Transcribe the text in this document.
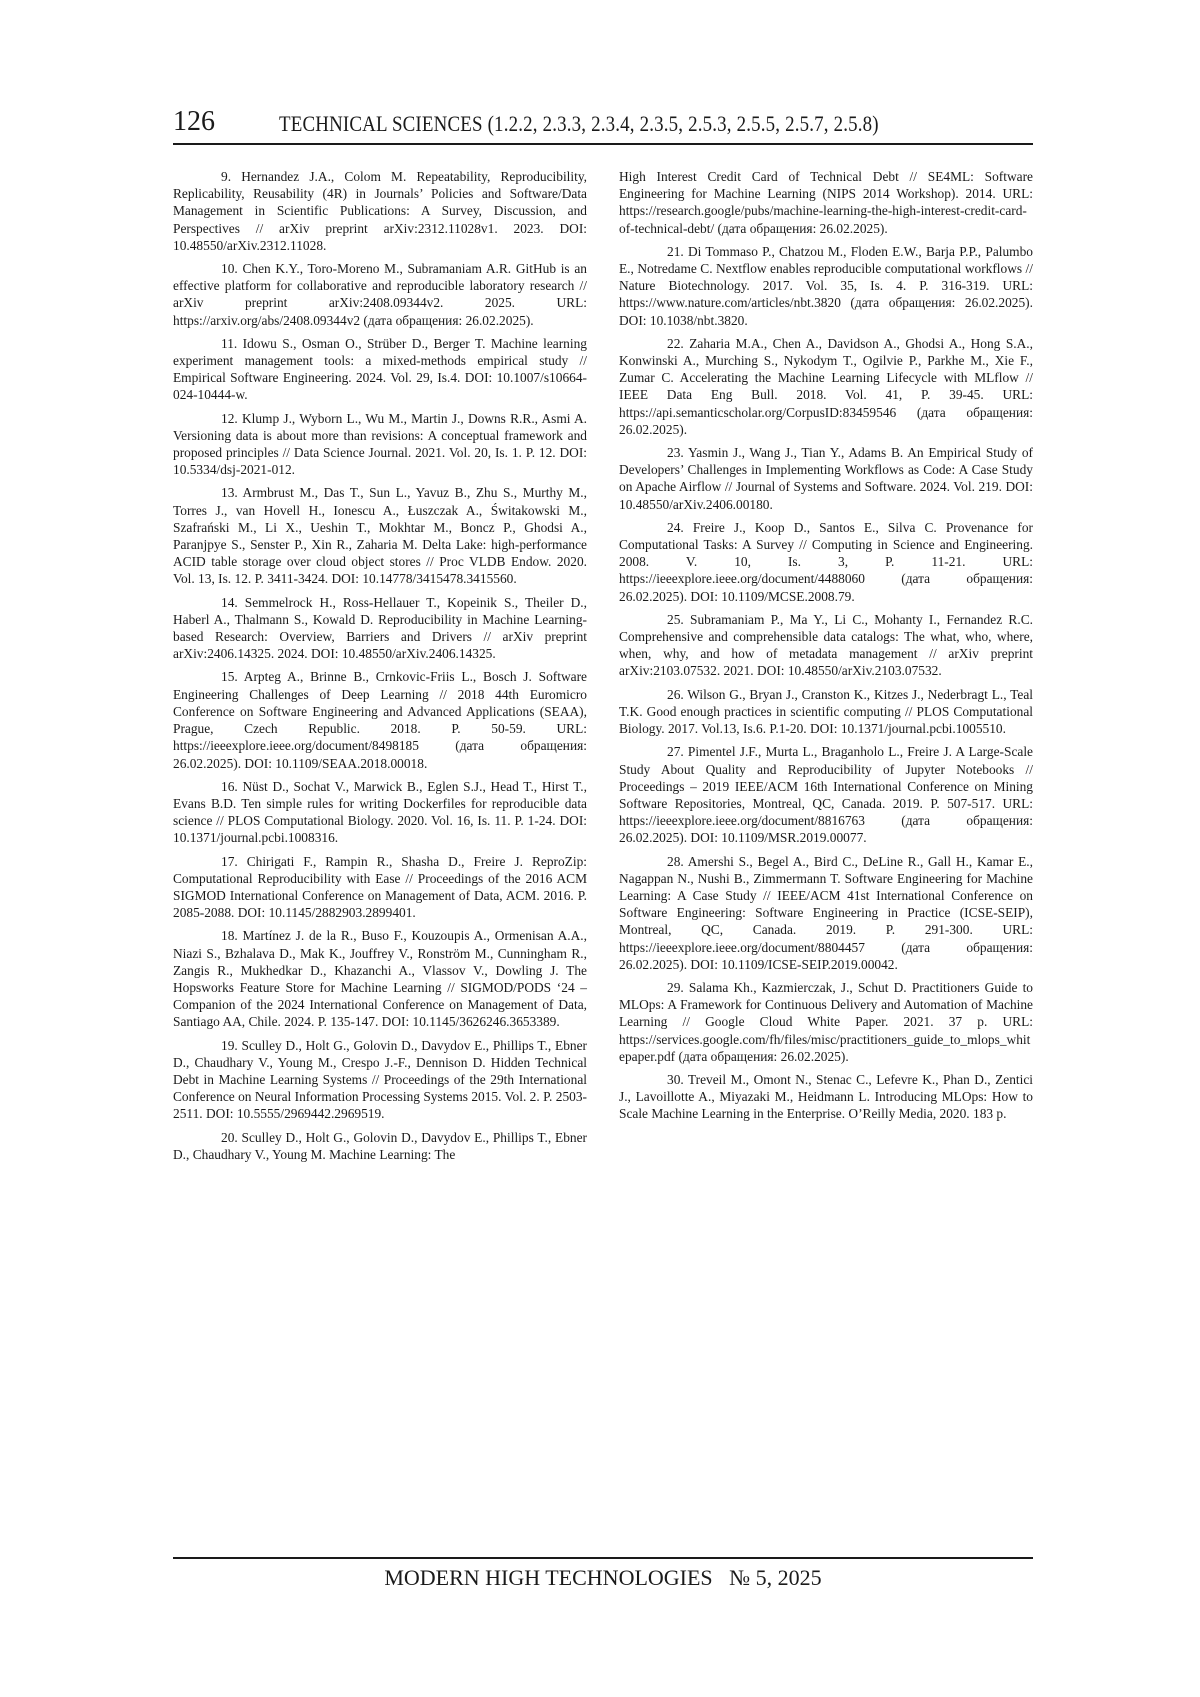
126	TECHNICAL SCIENCES (1.2.2, 2.3.3, 2.3.4, 2.3.5, 2.5.3, 2.5.5, 2.5.7, 2.5.8)

9. Hernandez J.A., Colom M. Repeatability, Reproducibility, Replicability, Reusability (4R) in Journals’ Policies and Software/Data Management in Scientific Publications: A Survey, Discussion, and Perspectives // arXiv preprint arXiv:2312.11028v1. 2023. DOI: 10.48550/arXiv.2312.11028.

10. Chen K.Y., Toro-Moreno M., Subramaniam A.R. GitHub is an effective platform for collaborative and reproducible laboratory research // arXiv preprint arXiv:2408.09344v2. 2025. URL: https://arxiv.org/abs/2408.09344v2 (дата обращения: 26.02.2025).

11. Idowu S., Osman O., Strüber D., Berger T. Machine learning experiment management tools: a mixed-methods empirical study // Empirical Software Engineering. 2024. Vol. 29, Is.4. DOI: 10.1007/s10664-024-10444-w.

12. Klump J., Wyborn L., Wu M., Martin J., Downs R.R., Asmi A. Versioning data is about more than revisions: A conceptual framework and proposed principles // Data Science Journal. 2021. Vol. 20, Is. 1. P. 12. DOI: 10.5334/dsj-2021-012.

13. Armbrust M., Das T., Sun L., Yavuz B., Zhu S., Murthy M., Torres J., van Hovell H., Ionescu A., Łuszczak A., Świtakowski M., Szafrański M., Li X., Ueshin T., Mokhtar M., Boncz P., Ghodsi A., Paranjpye S., Senster P., Xin R., Zaharia M. Delta Lake: high-performance ACID table storage over cloud object stores // Proc VLDB Endow. 2020. Vol. 13, Is. 12. P. 3411-3424. DOI: 10.14778/3415478.3415560.

14. Semmelrock H., Ross-Hellauer T., Kopeinik S., Theiler D., Haberl A., Thalmann S., Kowald D. Reproducibility in Machine Learning-based Research: Overview, Barriers and Drivers // arXiv preprint arXiv:2406.14325. 2024. DOI: 10.48550/arXiv.2406.14325.

15. Arpteg A., Brinne B., Crnkovic-Friis L., Bosch J. Software Engineering Challenges of Deep Learning // 2018 44th Euromicro Conference on Software Engineering and Advanced Applications (SEAA), Prague, Czech Republic. 2018. P. 50-59. URL: https://ieeexplore.ieee.org/document/8498185 (дата обращения: 26.02.2025). DOI: 10.1109/SEAA.2018.00018.

16. Nüst D., Sochat V., Marwick B., Eglen S.J., Head T., Hirst T., Evans B.D. Ten simple rules for writing Dockerfiles for reproducible data science // PLOS Computational Biology. 2020. Vol. 16, Is. 11. P. 1-24. DOI: 10.1371/journal.pcbi.1008316.

17. Chirigati F., Rampin R., Shasha D., Freire J. ReproZip: Computational Reproducibility with Ease // Proceedings of the 2016 ACM SIGMOD International Conference on Management of Data, ACM. 2016. P. 2085-2088. DOI: 10.1145/2882903.2899401.

18. Martínez J. de la R., Buso F., Kouzoupis A., Ormenisan A.A., Niazi S., Bzhalava D., Mak K., Jouffrey V., Ronström M., Cunningham R., Zangis R., Mukhedkar D., Khazanchi A., Vlassov V., Dowling J. The Hopsworks Feature Store for Machine Learning // SIGMOD/PODS ‘24 – Companion of the 2024 International Conference on Management of Data, Santiago AA, Chile. 2024. P. 135-147. DOI: 10.1145/3626246.3653389.

19. Sculley D., Holt G., Golovin D., Davydov E., Phillips T., Ebner D., Chaudhary V., Young M., Crespo J.-F., Dennison D. Hidden Technical Debt in Machine Learning Systems // Proceedings of the 29th International Conference on Neural Information Processing Systems 2015. Vol. 2. P. 2503-2511. DOI: 10.5555/2969442.2969519.

20. Sculley D., Holt G., Golovin D., Davydov E., Phillips T., Ebner D., Chaudhary V., Young M. Machine Learning: The

High Interest Credit Card of Technical Debt // SE4ML: Software Engineering for Machine Learning (NIPS 2014 Workshop). 2014. URL: https://research.google/pubs/machine-learning-the-high-interest-credit-card-of-technical-debt/ (дата обращения: 26.02.2025).

21. Di Tommaso P., Chatzou M., Floden E.W., Barja P.P., Palumbo E., Notredame C. Nextflow enables reproducible computational workflows // Nature Biotechnology. 2017. Vol. 35, Is. 4. P. 316-319. URL: https://www.nature.com/articles/nbt.3820 (дата обращения: 26.02.2025). DOI: 10.1038/nbt.3820.

22. Zaharia M.A., Chen A., Davidson A., Ghodsi A., Hong S.A., Konwinski A., Murching S., Nykodym T., Ogilvie P., Parkhe M., Xie F., Zumar C. Accelerating the Machine Learning Lifecycle with MLflow // IEEE Data Eng Bull. 2018. Vol. 41, P. 39-45. URL: https://api.semanticscholar.org/CorpusID:83459546 (дата обращения: 26.02.2025).

23. Yasmin J., Wang J., Tian Y., Adams B. An Empirical Study of Developers’ Challenges in Implementing Workflows as Code: A Case Study on Apache Airflow // Journal of Systems and Software. 2024. Vol. 219. DOI: 10.48550/arXiv.2406.00180.

24. Freire J., Koop D., Santos E., Silva C. Provenance for Computational Tasks: A Survey // Computing in Science and Engineering. 2008. V. 10, Is. 3, P. 11-21. URL: https://ieeexplore.ieee.org/document/4488060 (дата обращения: 26.02.2025). DOI: 10.1109/MCSE.2008.79.

25. Subramaniam P., Ma Y., Li C., Mohanty I., Fernandez R.C. Comprehensive and comprehensible data catalogs: The what, who, where, when, why, and how of metadata management // arXiv preprint arXiv:2103.07532. 2021. DOI: 10.48550/arXiv.2103.07532.

26. Wilson G., Bryan J., Cranston K., Kitzes J., Nederbragt L., Teal T.K. Good enough practices in scientific computing // PLOS Computational Biology. 2017. Vol.13, Is.6. P.1-20. DOI: 10.1371/journal.pcbi.1005510.

27. Pimentel J.F., Murta L., Braganholo L., Freire J. A Large-Scale Study About Quality and Reproducibility of Jupyter Notebooks // Proceedings – 2019 IEEE/ACM 16th International Conference on Mining Software Repositories, Montreal, QC, Canada. 2019. P. 507-517. URL: https://ieeexplore.ieee.org/document/8816763 (дата обращения: 26.02.2025). DOI: 10.1109/MSR.2019.00077.

28. Amershi S., Begel A., Bird C., DeLine R., Gall H., Kamar E., Nagappan N., Nushi B., Zimmermann T. Software Engineering for Machine Learning: A Case Study // IEEE/ACM 41st International Conference on Software Engineering: Software Engineering in Practice (ICSE-SEIP), Montreal, QC, Canada. 2019. P. 291-300. URL: https://ieeexplore.ieee.org/document/8804457 (дата обращения: 26.02.2025). DOI: 10.1109/ICSE-SEIP.2019.00042.

29. Salama Kh., Kazmierczak, J., Schut D. Practitioners Guide to MLOps: A Framework for Continuous Delivery and Automation of Machine Learning // Google Cloud White Paper. 2021. 37 p. URL: https://services.google.com/fh/files/misc/practitioners_guide_to_mlops_whitepaper.pdf (дата обращения: 26.02.2025).

30. Treveil M., Omont N., Stenac C., Lefevre K., Phan D., Zentici J., Lavoillotte A., Miyazaki M., Heidmann L. Introducing MLOps: How to Scale Machine Learning in the Enterprise. O’Reilly Media, 2020. 183 p.

MODERN HIGH TECHNOLOGIES   № 5, 2025
